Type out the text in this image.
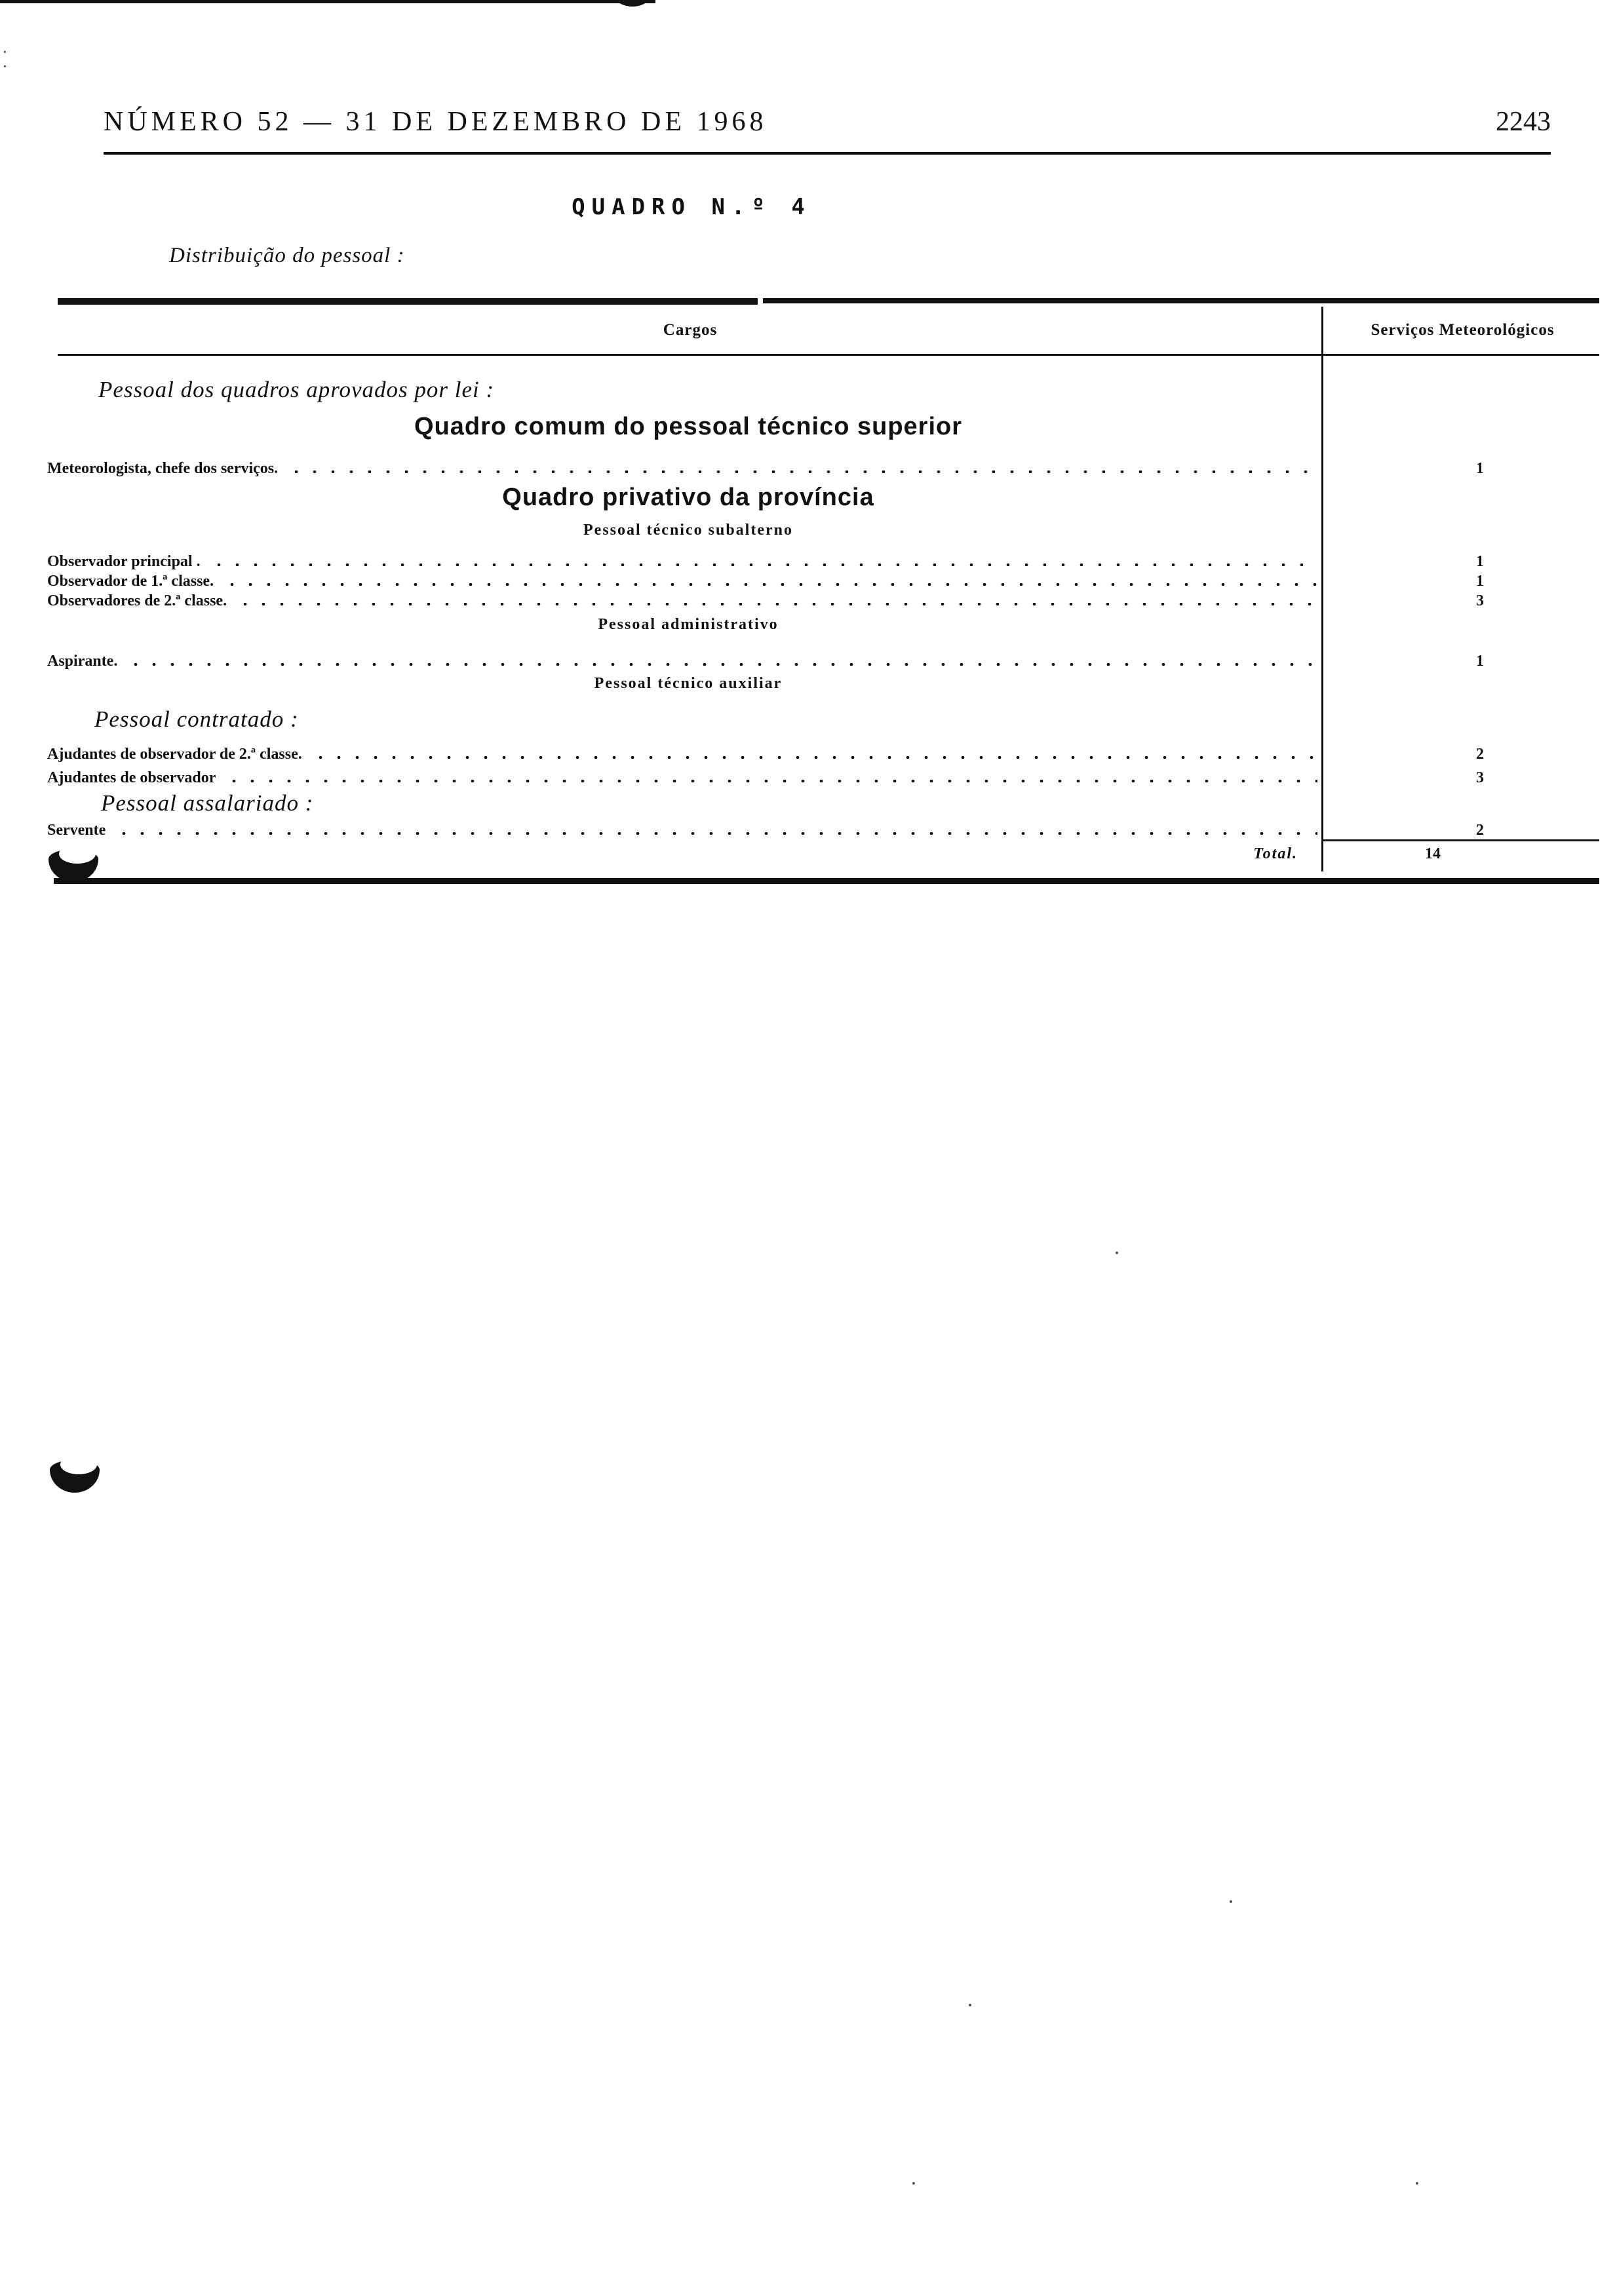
·
·
NÚMERO 52 — 31 DE DEZEMBRO DE 1968	2243
QUADRO N.º 4
Distribuição do pessoal :
Cargos	Serviços Meteorológicos
Pessoal dos quadros aprovados por lei :
Quadro comum do pessoal técnico superior
Meteorologista, chefe dos serviços.	1
Quadro privativo da província
Pessoal técnico subalterno
Observador principal .	1
Observador de 1.ª classe.	1
Observadores de 2.ª classe.	3
Pessoal administrativo
Aspirante.	1
Pessoal técnico auxiliar
Pessoal contratado :
Ajudantes de observador de 2.ª classe.	2
Ajudantes de observador	3
Pessoal assalariado :
Servente	2
Total.	14
